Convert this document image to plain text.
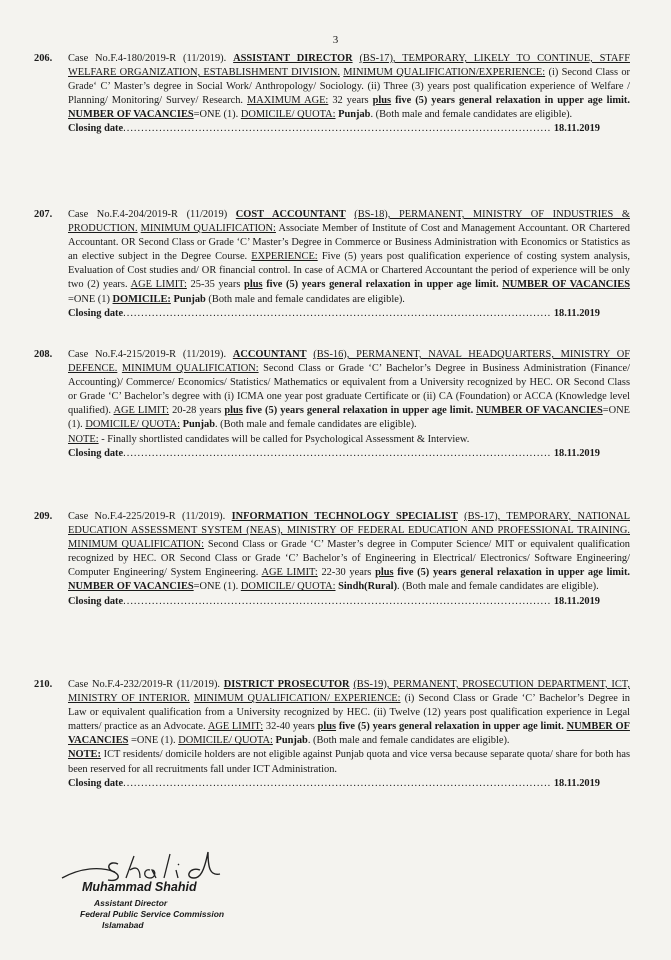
3
206. Case No.F.4-180/2019-R (11/2019). ASSISTANT DIRECTOR (BS-17), TEMPORARY, LIKELY TO CONTINUE, STAFF WELFARE ORGANIZATION, ESTABLISHMENT DIVISION. MINIMUM QUALIFICATION/EXPERIENCE: (i) Second Class or Grade‘ C’ Master’s degree in Social Work/ Anthropology/ Sociology. (ii) Three (3) years post qualification experience of Welfare / Planning/ Monitoring/ Survey/ Research. MAXIMUM AGE: 32 years plus five (5) years general relaxation in upper age limit. NUMBER OF VACANCIES=ONE (1). DOMICILE/ QUOTA: Punjab. (Both male and female candidates are eligible).
Closing date .....	18.11.2019
207. Case No.F.4-204/2019-R (11/2019) COST ACCOUNTANT (BS-18), PERMANENT, MINISTRY OF INDUSTRIES & PRODUCTION. MINIMUM QUALIFICATION: Associate Member of Institute of Cost and Management Accountant. OR Chartered Accountant. OR Second Class or Grade ‘C’ Master’s Degree in Commerce or Business Administration with Economics or Statistics as an elective subject in the Degree Course. EXPERIENCE: Five (5) years post qualification experience of costing system analysis, Evaluation of Cost studies and/ OR financial control. In case of ACMA or Chartered Accountant the period of experience will be only two (2) years. AGE LIMIT: 25-35 years plus five (5) years general relaxation in upper age limit. NUMBER OF VACANCIES =ONE (1) DOMICILE: Punjab (Both male and female candidates are eligible).
Closing date .....	18.11.2019
208. Case No.F.4-215/2019-R (11/2019). ACCOUNTANT (BS-16), PERMANENT, NAVAL HEADQUARTERS, MINISTRY OF DEFENCE. MINIMUM QUALIFICATION: Second Class or Grade ‘C’ Bachelor’s Degree in Business Administration (Finance/ Accounting)/ Commerce/ Economics/ Statistics/ Mathematics or equivalent from a University recognized by HEC. OR Second Class or Grade ‘C’ Bachelor’s degree with (i) ICMA one year post graduate Certificate or (ii) CA (Foundation) or ACCA (Knowledge level qualified). AGE LIMIT: 20-28 years plus five (5) years general relaxation in upper age limit. NUMBER OF VACANCIES=ONE (1). DOMICILE/ QUOTA: Punjab. (Both male and female candidates are eligible).
NOTE: - Finally shortlisted candidates will be called for Psychological Assessment & Interview.
Closing date .....	18.11.2019
209. Case No.F.4-225/2019-R (11/2019). INFORMATION TECHNOLOGY SPECIALIST (BS-17), TEMPORARY, NATIONAL EDUCATION ASSESSMENT SYSTEM (NEAS), MINISTRY OF FEDERAL EDUCATION AND PROFESSIONAL TRAINING. MINIMUM QUALIFICATION: Second Class or Grade ‘C’ Master’s degree in Computer Science/ MIT or equivalent qualification recognized by HEC. OR Second Class or Grade ‘C’ Bachelor’s of Engineering in Electrical/ Electronics/ Software Engineering/ Computer Engineering/ System Engineering. AGE LIMIT: 22-30 years plus five (5) years general relaxation in upper age limit. NUMBER OF VACANCIES=ONE (1). DOMICILE/ QUOTA: Sindh(Rural). (Both male and female candidates are eligible).
Closing date .....	18.11.2019
210. Case No.F.4-232/2019-R (11/2019). DISTRICT PROSECUTOR (BS-19), PERMANENT, PROSECUTION DEPARTMENT, ICT, MINISTRY OF INTERIOR. MINIMUM QUALIFICATION/ EXPERIENCE: (i) Second Class or Grade ‘C’ Bachelor’s Degree in Law or equivalent qualification from a University recognized by HEC. (ii) Twelve (12) years post qualification experience in Legal matters/ practice as an Advocate. AGE LIMIT: 32-40 years plus five (5) years general relaxation in upper age limit. NUMBER OF VACANCIES =ONE (1). DOMICILE/ QUOTA: Punjab. (Both male and female candidates are eligible).
NOTE: ICT residents/ domicile holders are not eligible against Punjab quota and vice versa because separate quota/ share for both has been reserved for all recruitments fall under ICT Administration.
Closing date .....	18.11.2019
Muhammad Shahid
Assistant Director
Federal Public Service Commission
Islamabad
